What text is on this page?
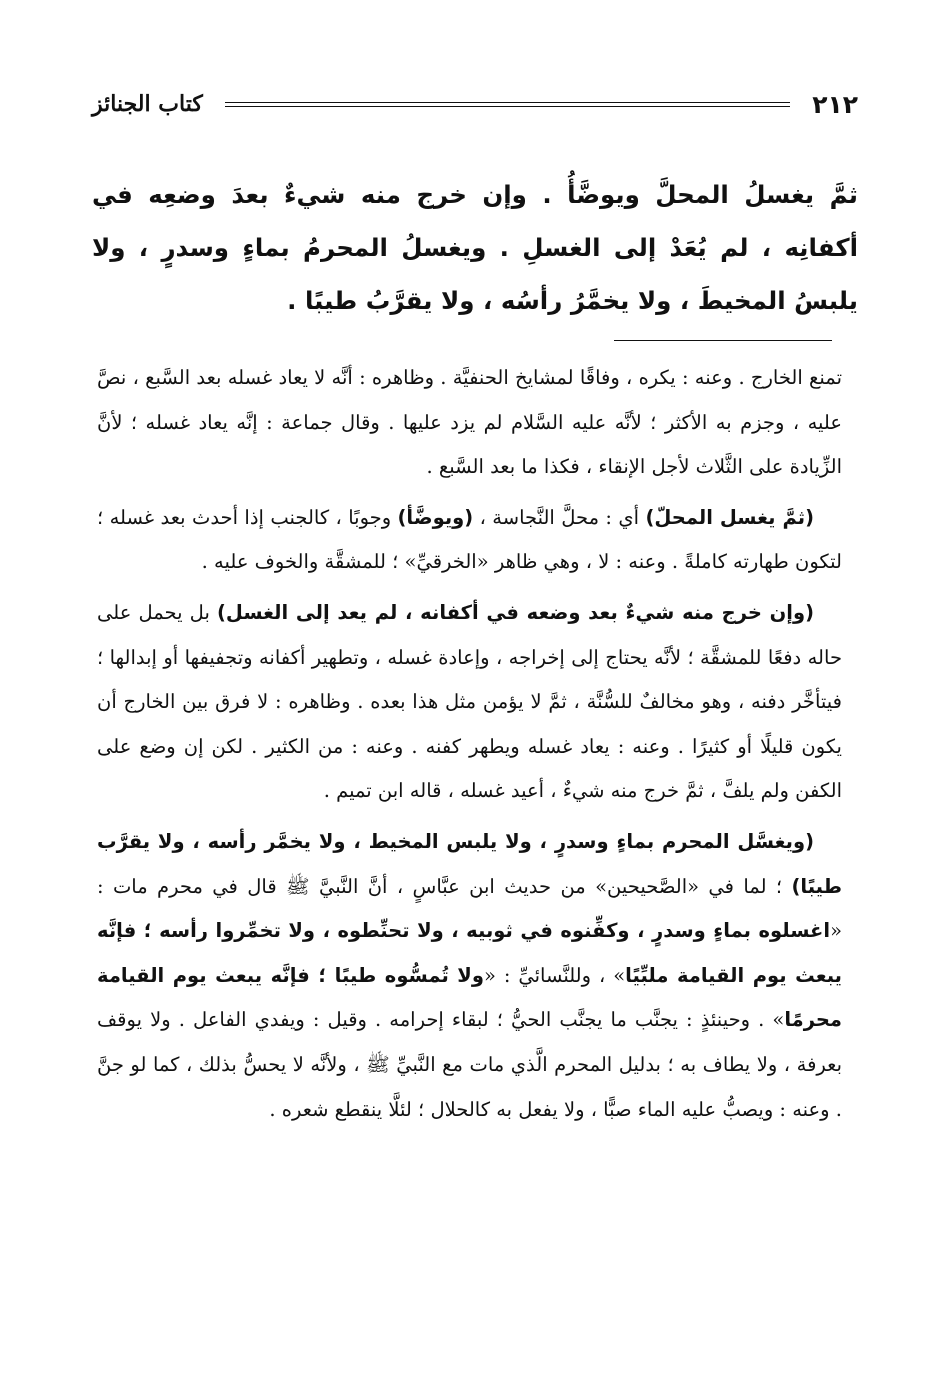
٢١٢
كتاب الجنائز
ثمَّ يغسلُ المحلَّ ويوضَّأُ . وإن خرج منه شيءٌ بعدَ وضعِه في أكفانِه ، لم يُعَدْ إلى الغسلِ . ويغسلُ المحرمُ بماءٍ وسدرٍ ، ولا يلبسُ المخيطَ ، ولا يخمَّرُ رأسُه ، ولا يقرَّبُ طيبًا .

تمنع الخارج . وعنه : يكره ، وفاقًا لمشايخ الحنفيَّة . وظاهره : أنَّه لا يعاد غسله بعد السَّبع ، نصَّ عليه ، وجزم به الأكثر ؛ لأنَّه عليه السَّلام لم يزد عليها . وقال جماعة : إنَّه يعاد غسله ؛ لأنَّ الزِّيادة على الثَّلاث لأجل الإنقاء ، فكذا ما بعد السَّبع .

(ثمَّ يغسل المحلّ) أي : محلَّ النَّجاسة ، (ويوضَّأ) وجوبًا ، كالجنب إذا أحدث بعد غسله ؛ لتكون طهارته كاملةً . وعنه : لا ، وهي ظاهر «الخرقيِّ» ؛ للمشقَّة والخوف عليه .

(وإن خرج منه شيءٌ بعد وضعه في أكفانه ، لم يعد إلى الغسل) بل يحمل على حاله دفعًا للمشقَّة ؛ لأنَّه يحتاج إلى إخراجه ، وإعادة غسله ، وتطهير أكفانه وتجفيفها أو إبدالها ؛ فيتأخَّر دفنه ، وهو مخالفٌ للسُّنَّة ، ثمَّ لا يؤمن مثل هذا بعده . وظاهره : لا فرق بين الخارج أن يكون قليلًا أو كثيرًا . وعنه : يعاد غسله ويطهر كفنه . وعنه : من الكثير . لكن إن وضع على الكفن ولم يلفَّ ، ثمَّ خرج منه شيءٌ ، أعيد غسله ، قاله ابن تميم .

(ويغسَّل المحرم بماءٍ وسدرٍ ، ولا يلبس المخيط ، ولا يخمَّر رأسه ، ولا يقرَّب طيبًا) ؛ لما في «الصَّحيحين» من حديث ابن عبَّاسٍ ، أنَّ النَّبيَّ ﷺ قال في محرم مات : «اغسلوه بماءٍ وسدرٍ ، وكفِّنوه في ثوبيه ، ولا تحنِّطوه ، ولا تخمِّروا رأسه ؛ فإنَّه يبعث يوم القيامة ملبِّيًا» ، وللنَّسائيِّ : «ولا تُمسُّوه طيبًا ؛ فإنَّه يبعث يوم القيامة محرمًا» . وحينئذٍ : يجنَّب ما يجنَّب الحيُّ ؛ لبقاء إحرامه . وقيل : ويفدي الفاعل . ولا يوقف بعرفة ، ولا يطاف به ؛ بدليل المحرم الَّذي مات مع النَّبيِّ ﷺ ، ولأنَّه لا يحسُّ بذلك ، كما لو جنَّ . وعنه : ويصبُّ عليه الماء صبًّا ، ولا يفعل به كالحلال ؛ لئلَّا ينقطع شعره .
